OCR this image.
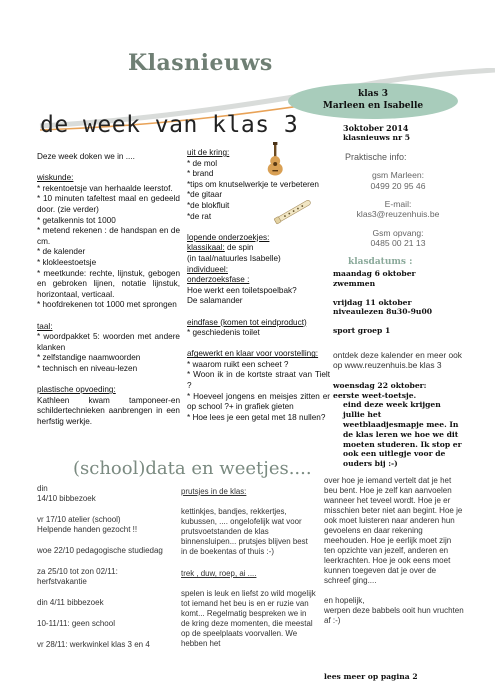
Klasnieuws
klas 3
Marleen en Isabelle
de week van klas 3
Deze week doken we in ....
wiskunde:
* rekentoetsje van herhaalde leerstof.
* 10 minuten tafeltest maal en gedeeld door. (zie verder)
* getalkennis tot 1000
* metend rekenen : de handspan en de cm.
* de kalender
* klokleestoetsje
* meetkunde: rechte, lijnstuk, gebogen en gebroken lijnen, notatie lijnstuk, horizontaal, verticaal.
* hoofdrekenen tot 1000 met sprongen
taal:
* woordpakket 5: woorden met andere klanken
* zelfstandige naamwoorden
* technisch en niveau-lezen
plastische opvoeding:
Kathleen kwam tamponeer-en schildertechnieken aanbrengen in een herfstig werkje.
uit de kring:
* de mol
* brand
*tips om knutselwerkje te verbeteren
*de gitaar
*de blokfluit
*de rat
lopende onderzoekjes:
klassikaal: de spin
(in taal/natuurles Isabelle)
individueel:
onderzoeksfase :
Hoe werkt een toiletspoelbak?
De salamander
eindfase (komen tot eindproduct)
* geschiedenis toilet
afgewerkt en klaar voor voorstelling:
* waarom ruikt een scheet ?
* Woon ik in de kortste straat van Tielt ?
* Hoeveel jongens en meisjes zitten er op school ?+ in grafiek gieten
* Hoe lees je een getal met 18 nullen?
3oktober 2014
klasnieuws nr 5
Praktische info:
gsm Marleen:
0499 20 95 46
E-mail:
klas3@reuzenhuis.be
Gsm opvang:
0485 00 21 13
klasdatums :
maandag 6 oktober
zwemmen
vrijdag 11 oktober
niveaulezen 8u30-9u00
sport groep 1
ontdek deze kalender en meer ook op www.reuzenhuis.be klas 3
woensdag 22 oktober:
eerste weet-toetsje.
eind deze week krijgen jullie het weetblaadjesmapje mee. In de klas leren we hoe we dit moeten studeren. Ik stop er ook een uitlegje voor de ouders bij :-)
(school)data en weetjes....
din
14/10 bibbezoek
vr 17/10 atelier (school)
Helpende handen gezocht !!
woe 22/10 pedagogische studiedag
za 25/10 tot zon 02/11:
herfstvakantie
din 4/11 bibbezoek
10-11/11: geen school
vr 28/11: werkwinkel klas 3 en 4
prutsjes in de klas:
kettinkjes, bandjes, rekkertjes, kubussen, .... ongelofelijk wat voor prutsvoetstanden de klas binnensluipen... prutsjes blijven best in de boekentas of thuis :-)
trek , duw, roep, ai ....
spelen is leuk en liefst zo wild mogelijk tot iemand het beu is en er ruzie van komt... Regelmatig bespreken we in de kring deze momenten, die meestal op de speelplaats voorvallen. We hebben het
over hoe je iemand vertelt dat je het beu bent. Hoe je zelf kan aanvoelen wanneer het teveel wordt. Hoe je er misschien beter niet aan begint. Hoe je ook moet luisteren naar anderen hun gevoelens en daar rekening meehouden. Hoe je eerlijk moet zijn ten opzichte van jezelf, anderen en leerkrachten. Hoe je ook eens moet kunnen toegeven dat je over de schreef ging....
en hopelijk,
werpen deze babbels ooit hun vruchten af :-)
lees meer op pagina 2
